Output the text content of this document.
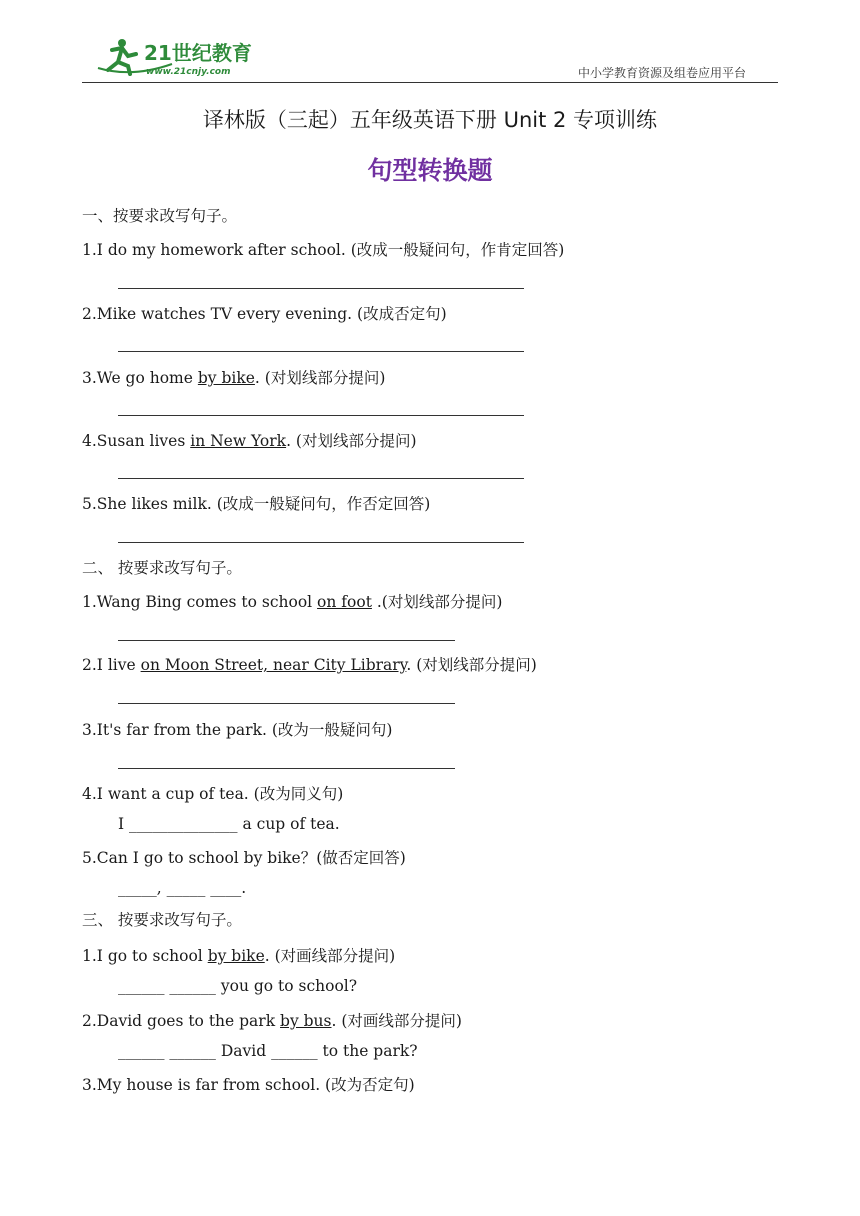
21世纪教育
www.21cnjy.com	中小学教育资源及组卷应用平台
译林版（三起）五年级英语下册 Unit 2 专项训练
句型转换题
一、按要求改写句子。
1.I do my homework after school. (改成一般疑问句，作肯定回答)
2.Mike watches TV every evening. (改成否定句)
3.We go home by bike. (对划线部分提问)
4.Susan lives in New York. (对划线部分提问)
5.She likes milk. (改成一般疑问句，作否定回答)
二、 按要求改写句子。
1.Wang Bing comes to school on foot .(对划线部分提问)
2.I live on Moon Street, near City Library. (对划线部分提问)
3.It's far from the park. (改为一般疑问句)
4.I want a cup of tea. (改为同义句)
I ______________ a cup of tea.
5.Can I go to school by bike？(做否定回答)
_____, _____ ____.
三、 按要求改写句子。
1.I go to school by bike. (对画线部分提问)
______ ______ you go to school?
2.David goes to the park by bus. (对画线部分提问)
______ ______ David ______ to the park?
3.My house is far from school. (改为否定句)
